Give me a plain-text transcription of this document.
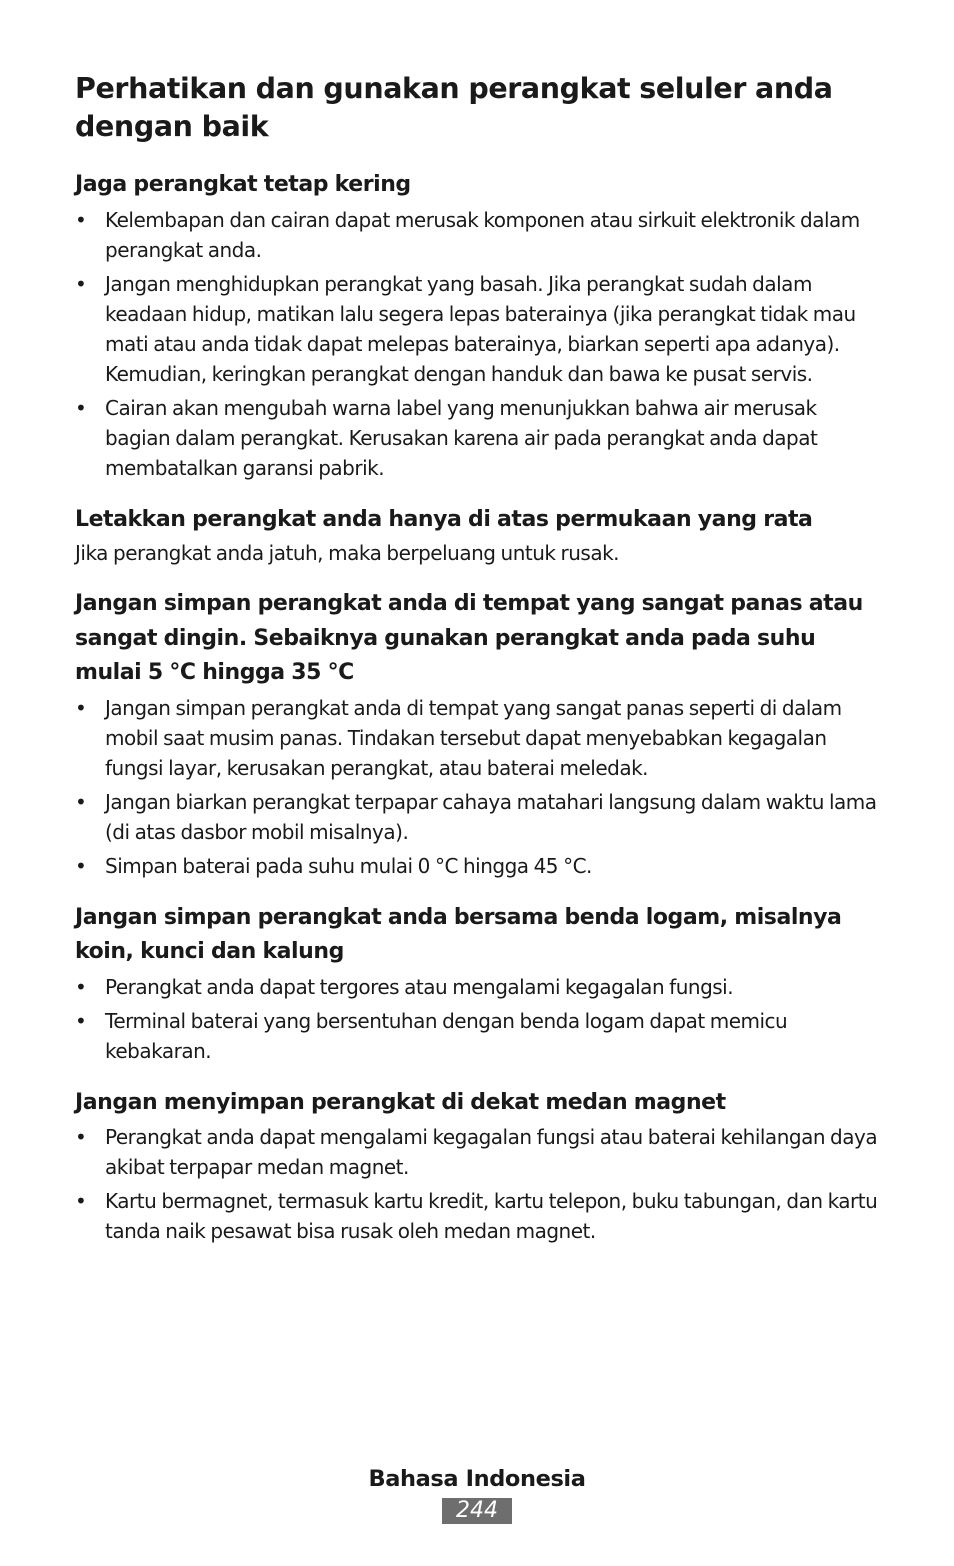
Perhatikan dan gunakan perangkat seluler anda dengan baik
Jaga perangkat tetap kering
• Kelembapan dan cairan dapat merusak komponen atau sirkuit elektronik dalam perangkat anda.
• Jangan menghidupkan perangkat yang basah. Jika perangkat sudah dalam keadaan hidup, matikan lalu segera lepas baterainya (jika perangkat tidak mau mati atau anda tidak dapat melepas baterainya, biarkan seperti apa adanya). Kemudian, keringkan perangkat dengan handuk dan bawa ke pusat servis.
• Cairan akan mengubah warna label yang menunjukkan bahwa air merusak bagian dalam perangkat. Kerusakan karena air pada perangkat anda dapat membatalkan garansi pabrik.
Letakkan perangkat anda hanya di atas permukaan yang rata

Jika perangkat anda jatuh, maka berpeluang untuk rusak.

Jangan simpan perangkat anda di tempat yang sangat panas atau sangat dingin. Sebaiknya gunakan perangkat anda pada suhu mulai 5 °C hingga 35 °C
• Jangan simpan perangkat anda di tempat yang sangat panas seperti di dalam mobil saat musim panas. Tindakan tersebut dapat menyebabkan kegagalan fungsi layar, kerusakan perangkat, atau baterai meledak.
• Jangan biarkan perangkat terpapar cahaya matahari langsung dalam waktu lama (di atas dasbor mobil misalnya).
• Simpan baterai pada suhu mulai 0 °C hingga 45 °C.
Jangan simpan perangkat anda bersama benda logam, misalnya koin, kunci dan kalung
• Perangkat anda dapat tergores atau mengalami kegagalan fungsi.
• Terminal baterai yang bersentuhan dengan benda logam dapat memicu kebakaran.
Jangan menyimpan perangkat di dekat medan magnet
• Perangkat anda dapat mengalami kegagalan fungsi atau baterai kehilangan daya akibat terpapar medan magnet.
• Kartu bermagnet, termasuk kartu kredit, kartu telepon, buku tabungan, dan kartu tanda naik pesawat bisa rusak oleh medan magnet.
Bahasa Indonesia
244
